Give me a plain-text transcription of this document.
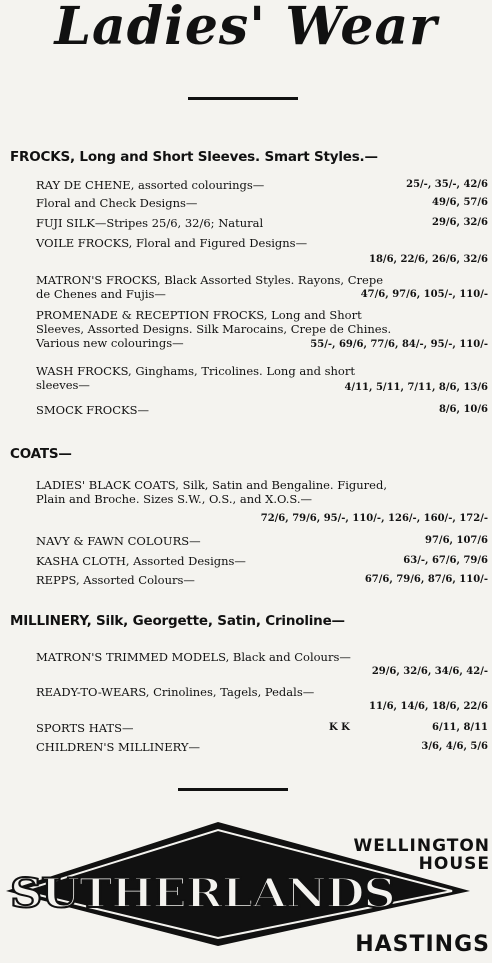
Ladies' Wear
FROCKS, Long and Short Sleeves. Smart Styles.—
RAY DE CHENE, assorted colourings—	25/-, 35/-, 42/6
Floral and Check Designs—	49/6, 57/6
FUJI SILK—Stripes 25/6, 32/6; Natural	29/6, 32/6
VOILE FROCKS, Floral and Figured Designs—
18/6, 22/6, 26/6, 32/6
MATRON'S FROCKS, Black Assorted Styles. Rayons, Crepe
de Chenes and Fujis—	47/6, 97/6, 105/-, 110/-
PROMENADE & RECEPTION FROCKS, Long and Short
Sleeves, Assorted Designs. Silk Marocains, Crepe de Chines.
Various new colourings—	55/-, 69/6, 77/6, 84/-, 95/-, 110/-
WASH FROCKS, Ginghams, Tricolines. Long and short
sleeves—	4/11, 5/11, 7/11, 8/6, 13/6
SMOCK FROCKS—	8/6, 10/6
COATS—
LADIES' BLACK COATS, Silk, Satin and Bengaline. Figured,
Plain and Broche. Sizes S.W., O.S., and X.O.S.—
72/6, 79/6, 95/-, 110/-, 126/-, 160/-, 172/-
NAVY & FAWN COLOURS—	97/6, 107/6
KASHA CLOTH, Assorted Designs—	63/-, 67/6, 79/6
REPPS, Assorted Colours—	67/6, 79/6, 87/6, 110/-
MILLINERY, Silk, Georgette, Satin, Crinoline—
MATRON'S TRIMMED MODELS, Black and Colours—
29/6, 32/6, 34/6, 42/-
READY-TO-WEARS, Crinolines, Tagels, Pedals—
11/6, 14/6, 18/6, 22/6
SPORTS HATS—	K K	6/11, 8/11
CHILDREN'S MILLINERY—	3/6, 4/6, 5/6
SUTHERLANDS
WELLINGTON
HOUSE
HASTINGS
